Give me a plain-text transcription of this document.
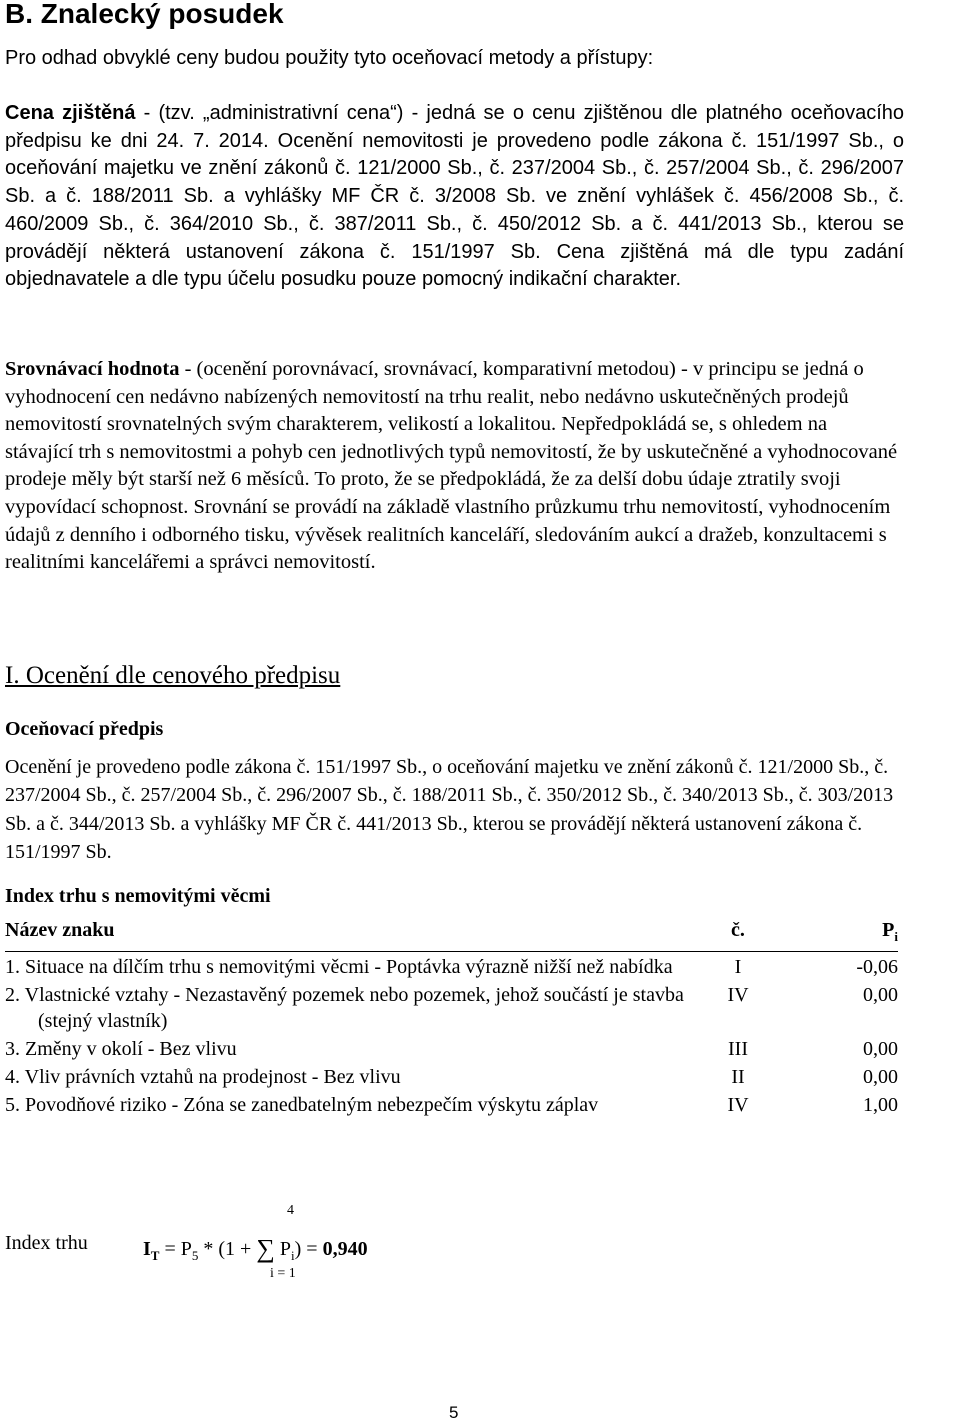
B. Znalecký posudek

Pro odhad obvyklé ceny budou použity tyto oceňovací metody a přístupy:

Cena zjištěná - (tzv. „administrativní cena“) - jedná se o cenu zjištěnou dle platného oceňovacího předpisu ke dni 24. 7. 2014. Ocenění nemovitosti je provedeno podle zákona č. 151/1997 Sb., o oceňování majetku ve znění zákonů č. 121/2000 Sb., č. 237/2004 Sb., č. 257/2004 Sb., č. 296/2007 Sb. a č. 188/2011 Sb. a vyhlášky MF ČR č. 3/2008 Sb. ve znění vyhlášek č. 456/2008 Sb., č. 460/2009 Sb., č. 364/2010 Sb., č. 387/2011 Sb., č. 450/2012 Sb. a č. 441/2013 Sb., kterou se provádějí některá ustanovení zákona č. 151/1997 Sb. Cena zjištěná má dle typu zadání objednavatele a dle typu účelu posudku pouze pomocný indikační charakter.

Srovnávací hodnota - (ocenění porovnávací, srovnávací, komparativní metodou) - v principu se jedná o vyhodnocení cen nedávno nabízených nemovitostí na trhu realit, nebo nedávno uskutečněných prodejů nemovitostí srovnatelných svým charakterem, velikostí a lokalitou. Nepředpokládá se, s ohledem na stávající trh s nemovitostmi a pohyb cen jednotlivých typů nemovitostí, že by uskutečněné a vyhodnocované prodeje měly být starší než 6 měsíců. To proto, že se předpokládá, že za delší dobu údaje ztratily svoji vypovídací schopnost. Srovnání se provádí na základě vlastního průzkumu trhu nemovitostí, vyhodnocením údajů z denního i odborného tisku, vývěsek realitních kanceláří, sledováním aukcí a dražeb, konzultacemi s realitními kancelářemi a správci nemovitostí.

I. Ocenění dle cenového předpisu
Oceňovací předpis

Ocenění je provedeno podle zákona č. 151/1997 Sb., o oceňování majetku ve znění zákonů č. 121/2000 Sb., č. 237/2004 Sb., č. 257/2004 Sb., č. 296/2007 Sb., č. 188/2011 Sb., č. 350/2012 Sb., č. 340/2013 Sb., č. 303/2013 Sb. a č. 344/2013 Sb. a vyhlášky MF ČR č. 441/2013 Sb., kterou se provádějí některá ustanovení zákona č. 151/1997 Sb.

Index trhu s nemovitými věcmi
Název znaku	č.	$P_i$
1. Situace na dílčím trhu s nemovitými věcmi - Poptávka výrazně nižší než nabídka	I	-0,06
2. Vlastnické vztahy - Nezastavěný pozemek nebo pozemek, jehož součástí je stavba (stejný vlastník)	IV	0,00
3. Změny v okolí - Bez vlivu	III	0,00
4. Vliv právních vztahů na prodejnost - Bez vlivu	II	0,00
5. Povodňové riziko - Zóna se zanedbatelným nebezpečím výskytu záplav	IV	1,00
4
Index trhu	$I_T = P_5 * (1$ + ∑ $P_i) = 0,940$
i = 1
5
